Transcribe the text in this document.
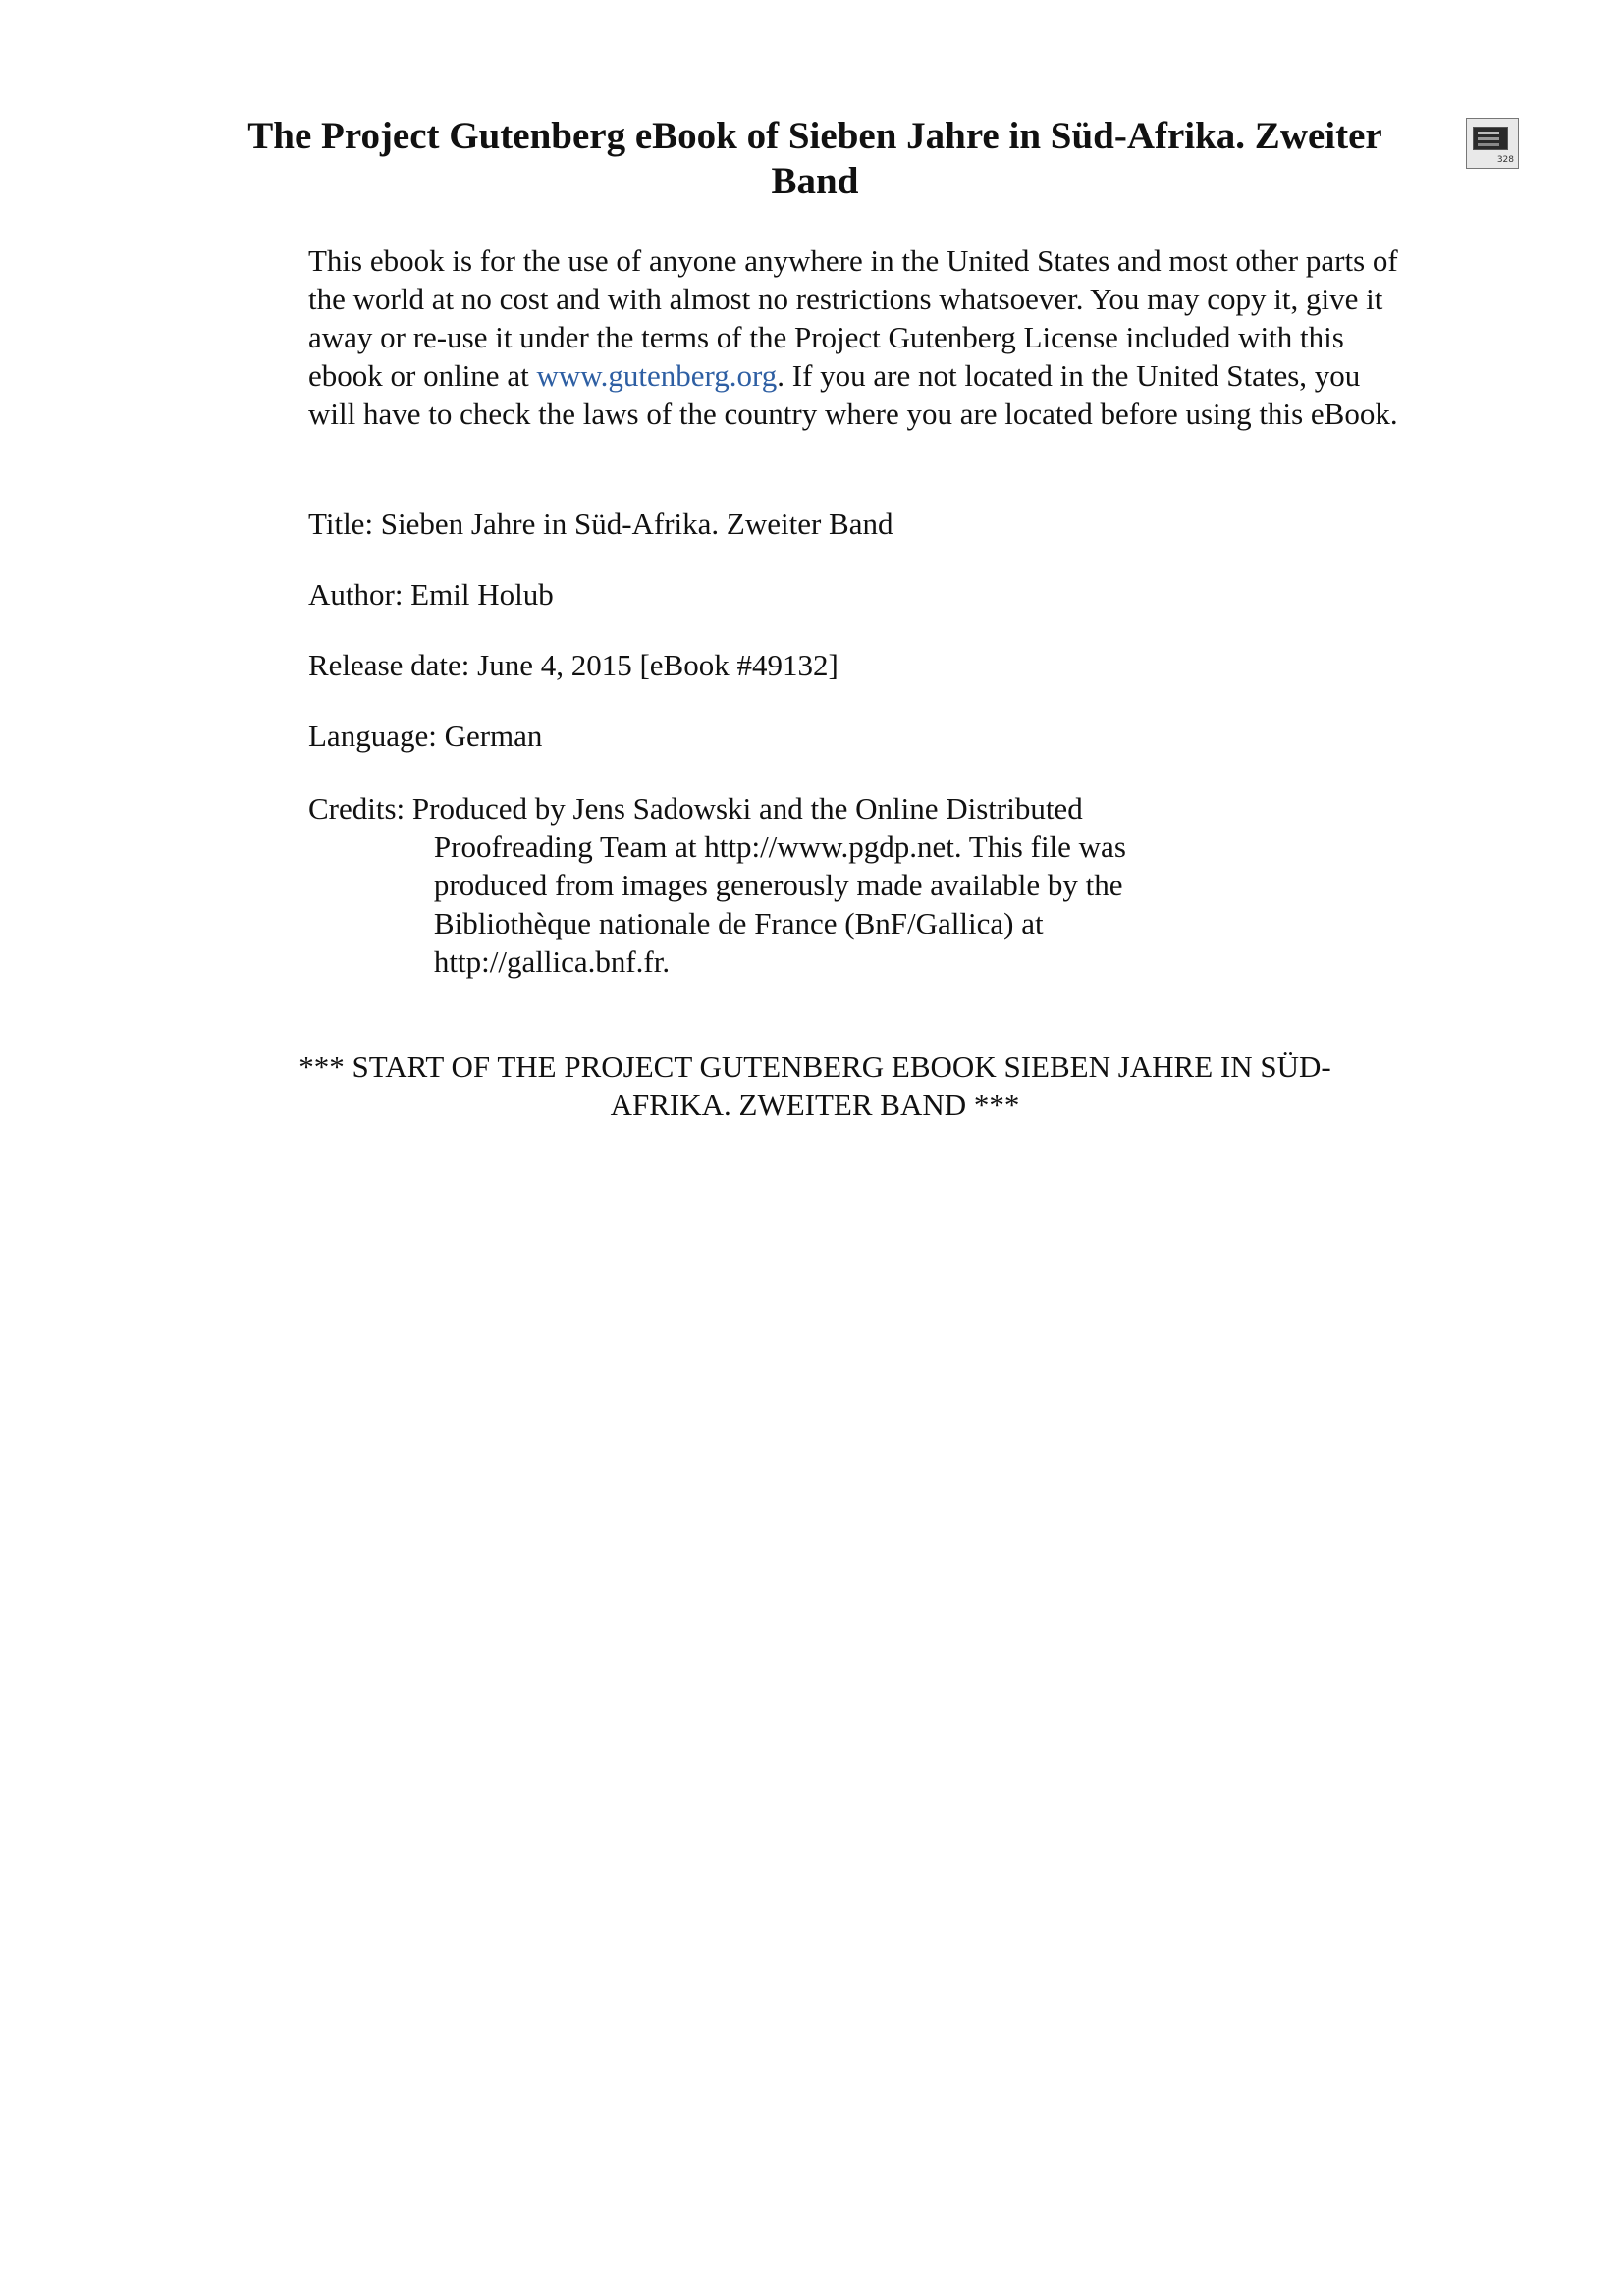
The Project Gutenberg eBook of Sieben Jahre in Süd-Afrika. Zweiter Band	328

This ebook is for the use of anyone anywhere in the United States and most other parts of the world at no cost and with almost no restrictions whatsoever. You may copy it, give it away or re-use it under the terms of the Project Gutenberg License included with this ebook or online at www.gutenberg.org. If you are not located in the United States, you will have to check the laws of the country where you are located before using this eBook.

Title: Sieben Jahre in Süd-Afrika. Zweiter Band

Author: Emil Holub

Release date: June 4, 2015 [eBook #49132]

Language: German

Credits: Produced by Jens Sadowski and the Online Distributed
Proofreading Team at http://www.pgdp.net. This file was produced from images generously made available by the Bibliothèque nationale de France (BnF/Gallica) at http://gallica.bnf.fr.

*** START OF THE PROJECT GUTENBERG EBOOK SIEBEN JAHRE IN SÜD-AFRIKA. ZWEITER BAND ***
